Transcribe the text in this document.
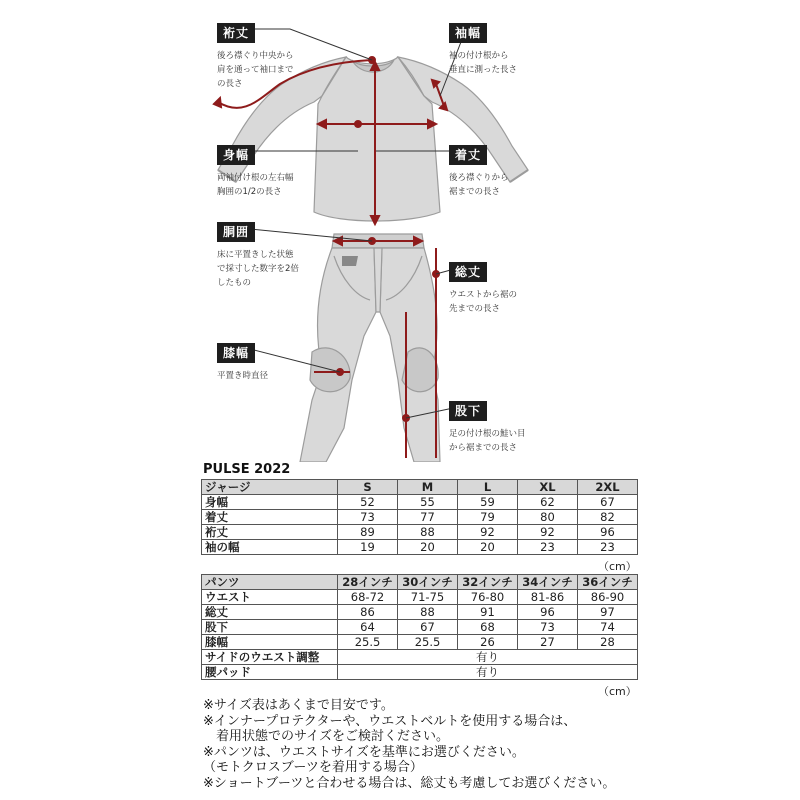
裄丈
後ろ襟ぐり中央から
肩を通って袖口まで
の長さ
袖幅
袖の付け根から
垂直に測った長さ
身幅
両袖付け根の左右幅
胸囲の1/2の長さ
着丈
後ろ襟ぐりから
裾までの長さ
胴囲
床に平置きした状態
で採寸した数字を2倍
したもの
総丈
ウエストから裾の
先までの長さ
膝幅
平置き時直径
股下
足の付け根の鮭い目
から裾までの長さ
PULSE 2022
ジャージ	S	M	L	XL	2XL
身幅	52	55	59	62	67
着丈	73	77	79	80	82
裄丈	89	88	92	92	96
袖の幅	19	20	20	23	23
（cm）
パンツ	28インチ	30インチ	32インチ	34インチ	36インチ
ウエスト	68-72	71-75	76-80	81-86	86-90
総丈	86	88	91	96	97
股下	64	67	68	73	74
膝幅	25.5	25.5	26	27	28
サイドのウエスト調整	有り				
腰パッド	有り				
（cm）
※サイズ表はあくまで目安です。
※インナープロテクターや、ウエストベルトを使用する場合は、
　着用状態でのサイズをご検討ください。
※パンツは、ウエストサイズを基準にお選びください。
（モトクロスブーツを着用する場合）
※ショートブーツと合わせる場合は、総丈も考慮してお選びください。
